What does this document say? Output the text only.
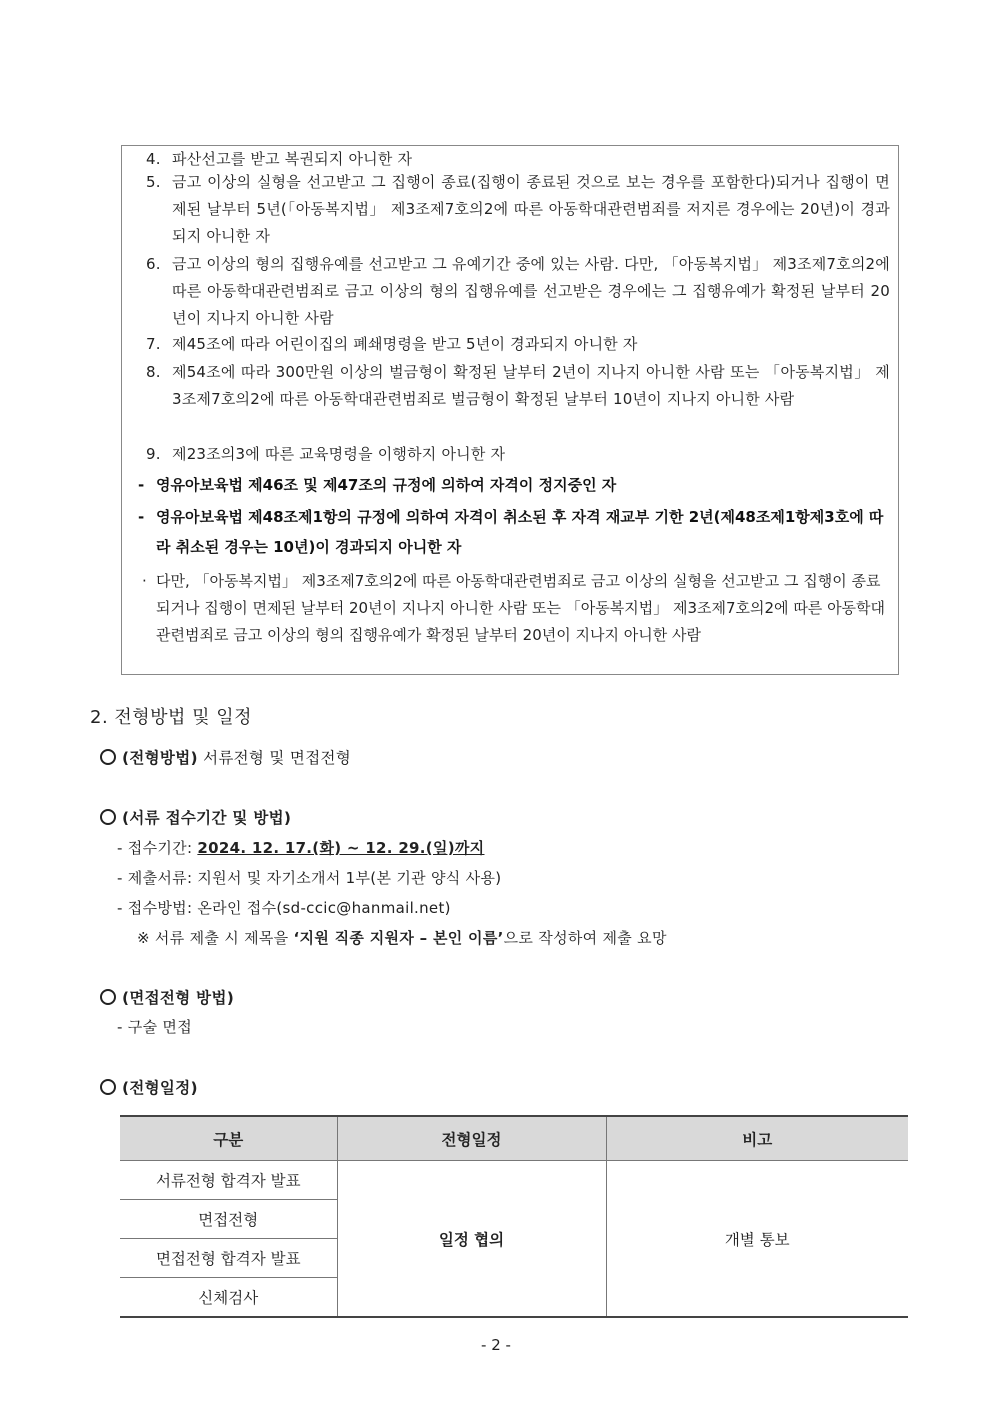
4. 파산선고를 받고 복권되지 아니한 자
5. 금고 이상의 실형을 선고받고 그 집행이 종료(집행이 종료된 것으로 보는 경우를 포함한다)되거나 집행이 면제된 날부터 5년(「아동복지법」 제3조제7호의2에 따른 아동학대관련범죄를 저지른 경우에는 20년)이 경과되지 아니한 자
6. 금고 이상의 형의 집행유예를 선고받고 그 유예기간 중에 있는 사람. 다만, 「아동복지법」 제3조제7호의2에 따른 아동학대관련범죄로 금고 이상의 형의 집행유예를 선고받은 경우에는 그 집행유예가 확정된 날부터 20년이 지나지 아니한 사람
7. 제45조에 따라 어린이집의 폐쇄명령을 받고 5년이 경과되지 아니한 자
8. 제54조에 따라 300만원 이상의 벌금형이 확정된 날부터 2년이 지나지 아니한 사람 또는 「아동복지법」 제3조제7호의2에 따른 아동학대관련범죄로 벌금형이 확정된 날부터 10년이 지나지 아니한 사람
9. 제23조의3에 따른 교육명령을 이행하지 아니한 자
- 영유아보육법 제46조 및 제47조의 규정에 의하여 자격이 정지중인 자
- 영유아보육법 제48조제1항의 규정에 의하여 자격이 취소된 후 자격 재교부 기한 2년(제48조제1항제3호에 따라 취소된 경우는 10년)이 경과되지 아니한 자
· 다만, 「아동복지법」 제3조제7호의2에 따른 아동학대관련범죄로 금고 이상의 실형을 선고받고 그 집행이 종료되거나 집행이 면제된 날부터 20년이 지나지 아니한 사람 또는 「아동복지법」 제3조제7호의2에 따른 아동학대관련범죄로 금고 이상의 형의 집행유예가 확정된 날부터 20년이 지나지 아니한 사람
2. 전형방법 및 일정
(전형방법) 서류전형 및 면접전형
(서류 접수기간 및 방법)
- 접수기간: 2024. 12. 17.(화) ~ 12. 29.(일)까지
- 제출서류: 지원서 및 자기소개서 1부(본 기관 양식 사용)
- 접수방법: 온라인 접수(sd-ccic@hanmail.net)
※ 서류 제출 시 제목을 ‘지원 직종 지원자 – 본인 이름’으로 작성하여 제출 요망
(면접전형 방법)
- 구술 면접
(전형일정)
구분	전형일정	비고
서류전형 합격자 발표	일정 협의	개별 통보
면접전형		
면접전형 합격자 발표		
신체검사		
- 2 -
